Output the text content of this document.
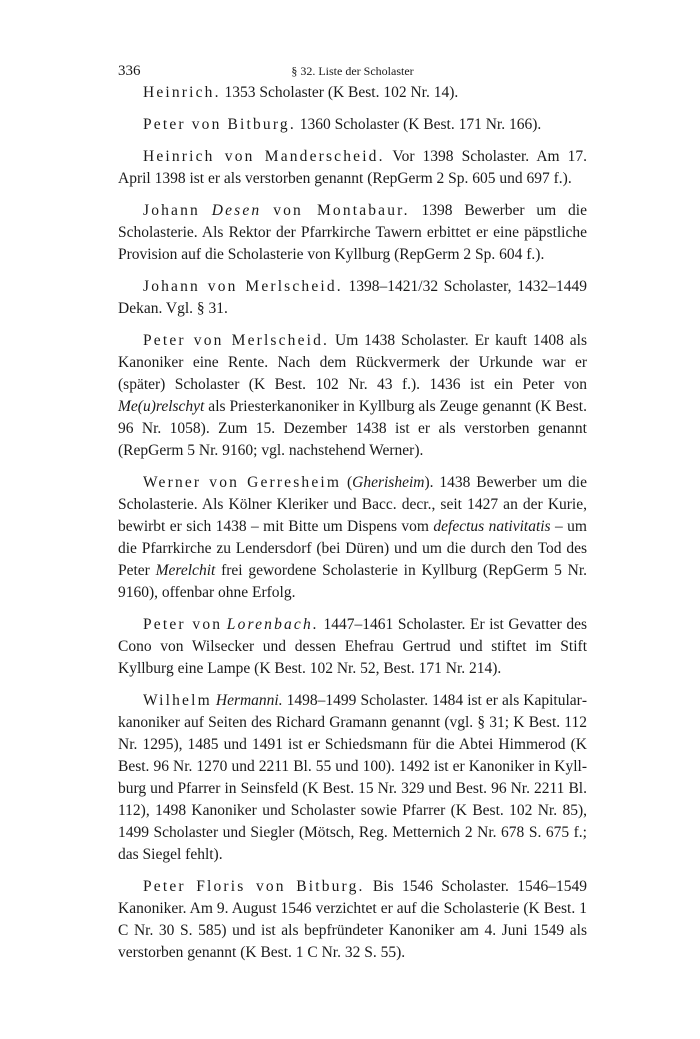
336	§ 32. Liste der Scholaster

Heinrich. 1353 Scholaster (K Best. 102 Nr. 14).

Peter von Bitburg. 1360 Scholaster (K Best. 171 Nr. 166).

Heinrich von Manderscheid. Vor 1398 Scholaster. Am 17. April 1398 ist er als verstorben genannt (RepGerm 2 Sp. 605 und 697 f.).

Johann Desen von Montabaur. 1398 Bewerber um die Scholasterie. Als Rektor der Pfarrkirche Tawern erbittet er eine päpstliche Provision auf die Scholasterie von Kyllburg (RepGerm 2 Sp. 604 f.).

Johann von Merlscheid. 1398–1421/32 Scholaster, 1432–1449 Dekan. Vgl. § 31.

Peter von Merlscheid. Um 1438 Scholaster. Er kauft 1408 als Kanoniker eine Rente. Nach dem Rückvermerk der Urkunde war er (später) Scholaster (K Best. 102 Nr. 43 f.). 1436 ist ein Peter von Me(u)relschyt als Priesterkanoniker in Kyllburg als Zeuge genannt (K Best. 96 Nr. 1058). Zum 15. Dezember 1438 ist er als verstorben genannt (RepGerm 5 Nr. 9160; vgl. nachstehend Werner).

Werner von Gerresheim (Gherisheim). 1438 Bewerber um die Scholasterie. Als Kölner Kleriker und Bacc. decr., seit 1427 an der Kurie, bewirbt er sich 1438 – mit Bitte um Dispens vom defectus nativitatis – um die Pfarrkirche zu Lendersdorf (bei Düren) und um die durch den Tod des Peter Merelchit frei gewordene Scholasterie in Kyllburg (RepGerm 5 Nr. 9160), offenbar ohne Erfolg.

Peter von Lorenbach. 1447–1461 Scholaster. Er ist Gevatter des Cono von Wilsecker und dessen Ehefrau Gertrud und stiftet im Stift Kyllburg eine Lampe (K Best. 102 Nr. 52, Best. 171 Nr. 214).

Wilhelm Hermanni. 1498–1499 Scholaster. 1484 ist er als Kapitularkanoniker auf Seiten des Richard Gramann genannt (vgl. § 31; K Best. 112 Nr. 1295), 1485 und 1491 ist er Schiedsmann für die Abtei Himmerod (K Best. 96 Nr. 1270 und 2211 Bl. 55 und 100). 1492 ist er Kanoniker in Kyllburg und Pfarrer in Seinsfeld (K Best. 15 Nr. 329 und Best. 96 Nr. 2211 Bl. 112), 1498 Kanoniker und Scholaster sowie Pfarrer (K Best. 102 Nr. 85), 1499 Scholaster und Siegler (Mötsch, Reg. Metternich 2 Nr. 678 S. 675 f.; das Siegel fehlt).

Peter Floris von Bitburg. Bis 1546 Scholaster. 1546–1549 Kanoniker. Am 9. August 1546 verzichtet er auf die Scholasterie (K Best. 1 C Nr. 30 S. 585) und ist als bepfründeter Kanoniker am 4. Juni 1549 als verstorben genannt (K Best. 1 C Nr. 32 S. 55).
